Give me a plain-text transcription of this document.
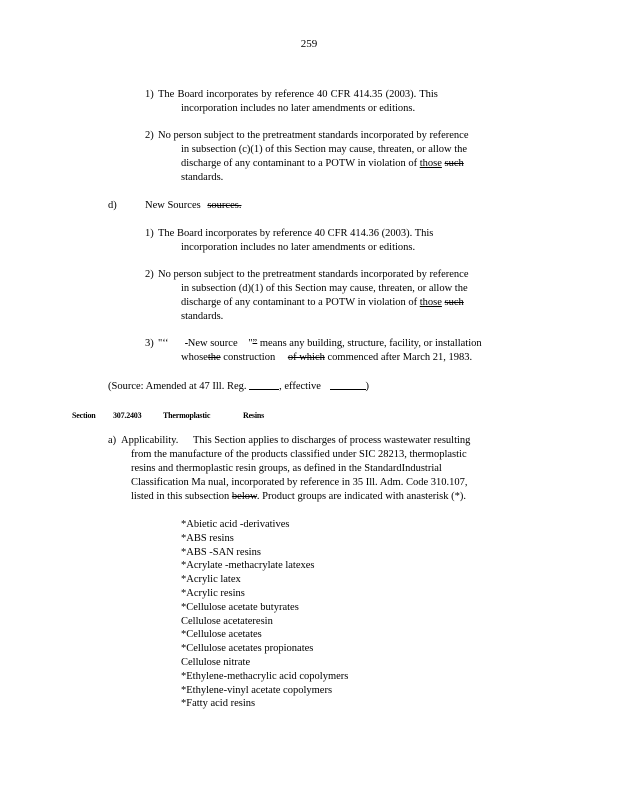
259
1) The Board incorporates by reference 40 CFR 414.35 (2003). This
incorporation includes no later amendments or editions.
2) No person subject to the pretreatment standards incorporated by reference
in subsection (c)(1) of this Section may cause, threaten, or allow the
discharge of any contaminant to a POTW in violation of those such
standards.
d)	New Sources sources.
1) The Board incorporates by reference 40 CFR 414.36 (2003). This
incorporation includes no later amendments or editions.
2) No person subject to the pretreatment standards incorporated by reference
in subsection (d)(1) of this Section may cause, threaten, or allow the
discharge of any contaminant to a POTW in violation of those such
standards.
3) "‘‘ New source "” means any building, structure, facility, or installation
whosethe construction of which commenced after March 21, 1983.
(Source: Amended at 47 Ill. Reg.	, effective	)
Section 307.2403	Thermoplastic	Resins
a) Applicability. This Section applies to discharges of process wastewater resulting
from the manufacture of the products classified under SIC 28213, thermoplastic
resins and thermoplastic resin groups, as defined in the StandardIndustrial
Classification Ma nual, incorporated by reference in 35 Ill. Adm. Code 310.107,
listed in this subsection below. Product groups are indicated with anasterisk (*).
*Abietic acid -derivatives
*ABS resins
*ABS -SAN resins
*Acrylate -methacrylate latexes
*Acrylic latex
*Acrylic resins
*Cellulose acetate butyrates
Cellulose acetateresin
*Cellulose acetates
*Cellulose acetates propionates
Cellulose nitrate
*Ethylene-methacrylic acid copolymers
*Ethylene-vinyl acetate copolymers
*Fatty acid resins
